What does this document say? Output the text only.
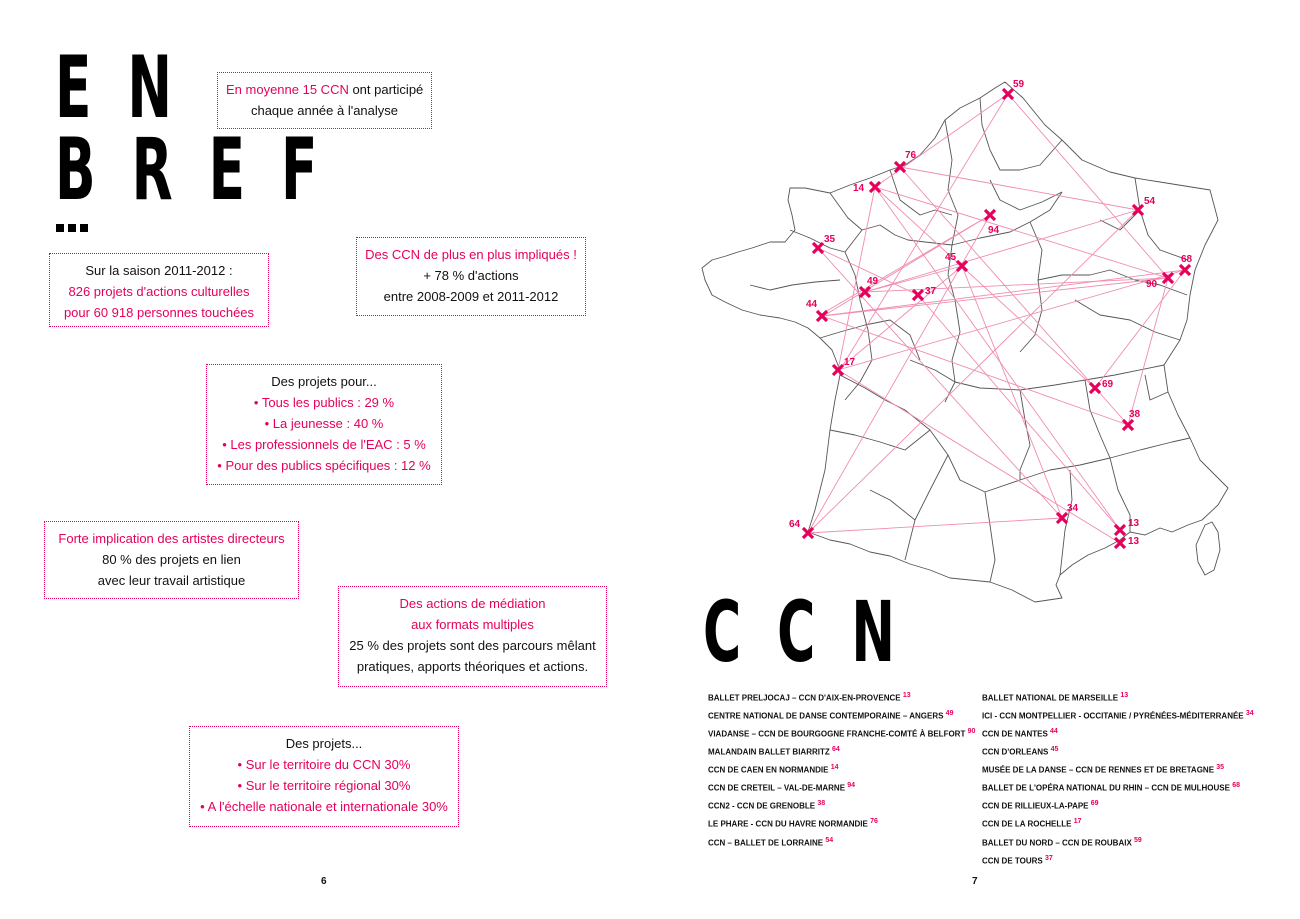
EN
BREF
En moyenne 15 CCN ont participé
chaque année à l'analyse
Sur la saison 2011-2012 :
826 projets d'actions culturelles
pour 60 918 personnes touchées
Des CCN de plus en plus impliqués !
+ 78 % d'actions
entre 2008-2009 et 2011-2012
Des projets pour...
• Tous les publics : 29 %
• La jeunesse : 40 %
• Les professionnels de l'EAC : 5 %
• Pour des publics spécifiques : 12 %
Forte implication des artistes directeurs
80 % des projets en lien
avec leur travail artistique
Des actions de médiation
aux formats multiples
25 % des projets sont des parcours mêlant
pratiques, apports théoriques et actions.
Des projets...
• Sur le territoire du CCN 30%
• Sur le territoire régional 30%
• A l'échelle nationale et internationale 30%
6
59
76
14
54
94
35
45	68
90
49
37
44
17
69
38
64
34
13
13
CCN
BALLET PRELJOCAJ – CCN D'AIX-EN-PROVENCE $^{13}$
CENTRE NATIONAL DE DANSE CONTEMPORAINE – ANGERS $^{49}$
VIADANSE – CCN DE BOURGOGNE FRANCHE-COMTÉ À BELFORT $^{90}$
MALANDAIN BALLET BIARRITZ $^{64}$
CCN DE CAEN EN NORMANDIE $^{14}$
CCN DE CRETEIL – VAL-DE-MARNE $^{94}$
CCN2 - CCN DE GRENOBLE $^{38}$
LE PHARE - CCN DU HAVRE NORMANDIE $^{76}$
CCN – BALLET DE LORRAINE $^{54}$
BALLET NATIONAL DE MARSEILLE $^{13}$
ICI - CCN MONTPELLIER - OCCITANIE / PYRÉNÉES-MÉDITERRANÉE $^{34}$
CCN DE NANTES $^{44}$
CCN D'ORLEANS $^{45}$
MUSÉE DE LA DANSE – CCN DE RENNES ET DE BRETAGNE $^{35}$
BALLET DE L'OPÉRA NATIONAL DU RHIN – CCN DE MULHOUSE $^{68}$
CCN DE RILLIEUX-LA-PAPE $^{69}$
CCN DE LA ROCHELLE $^{17}$
BALLET DU NORD – CCN DE ROUBAIX $^{59}$
CCN DE TOURS $^{37}$
7
